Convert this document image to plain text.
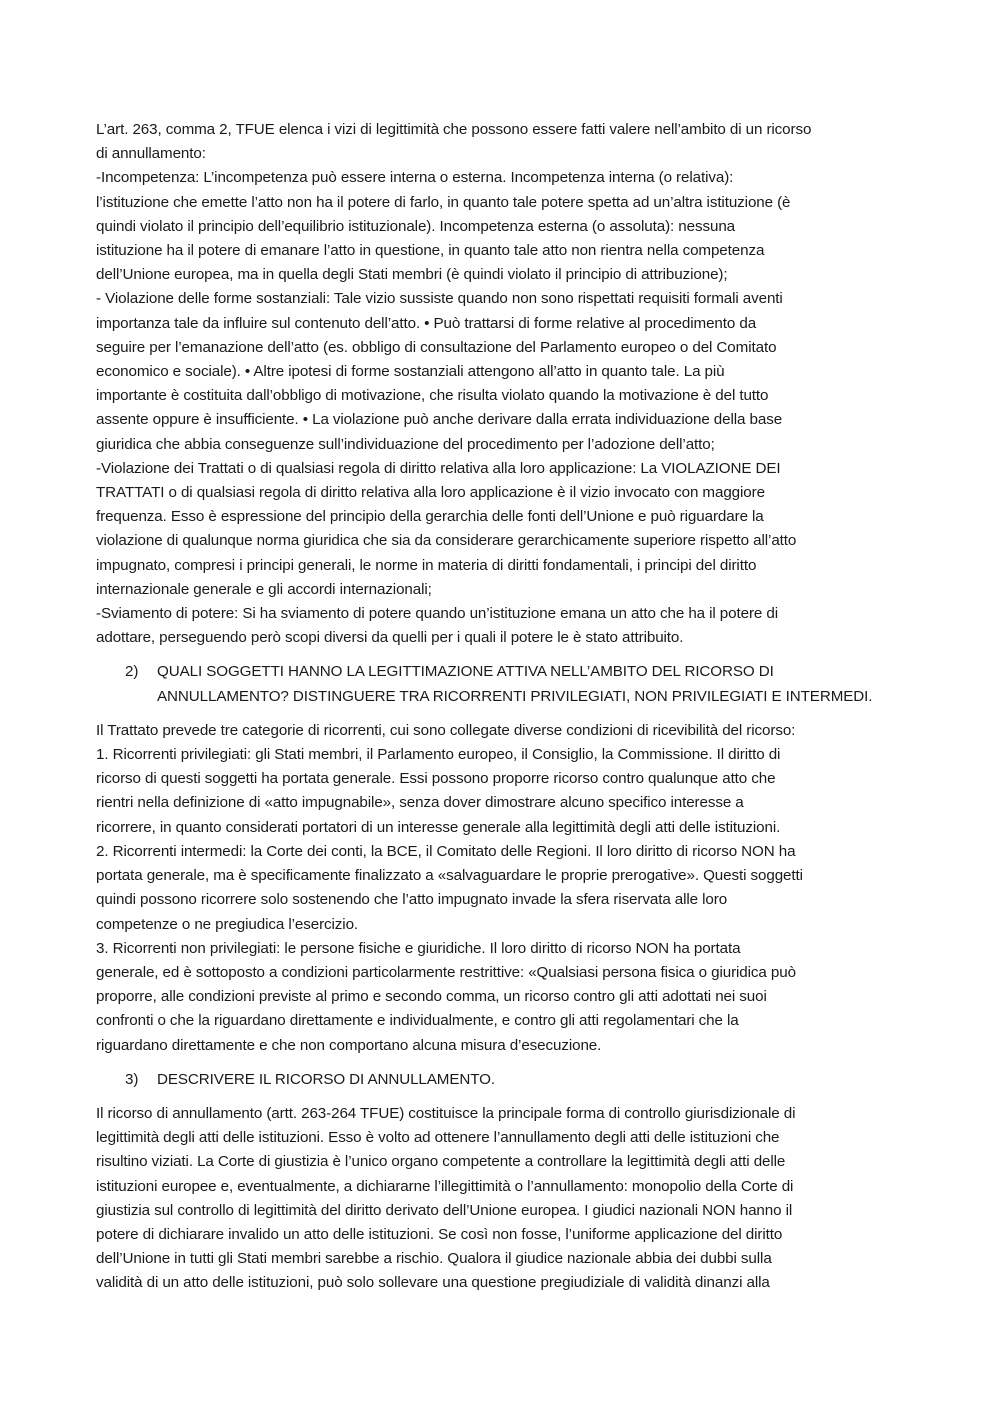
L’art. 263, comma 2, TFUE elenca i vizi di legittimità che possono essere fatti valere nell’ambito di un ricorso
di annullamento:
-Incompetenza: L’incompetenza può essere interna o esterna. Incompetenza interna (o relativa):
l’istituzione che emette l’atto non ha il potere di farlo, in quanto tale potere spetta ad un’altra istituzione (è
quindi violato il principio dell’equilibrio istituzionale). Incompetenza esterna (o assoluta): nessuna
istituzione ha il potere di emanare l’atto in questione, in quanto tale atto non rientra nella competenza
dell’Unione europea, ma in quella degli Stati membri (è quindi violato il principio di attribuzione);
- Violazione delle forme sostanziali: Tale vizio sussiste quando non sono rispettati requisiti formali aventi
importanza tale da influire sul contenuto dell’atto. • Può trattarsi di forme relative al procedimento da
seguire per l’emanazione dell’atto (es. obbligo di consultazione del Parlamento europeo o del Comitato
economico e sociale). • Altre ipotesi di forme sostanziali attengono all’atto in quanto tale. La più
importante è costituita dall’obbligo di motivazione, che risulta violato quando la motivazione è del tutto
assente oppure è insufficiente. • La violazione può anche derivare dalla errata individuazione della base
giuridica che abbia conseguenze sull’individuazione del procedimento per l’adozione dell’atto;
-Violazione dei Trattati o di qualsiasi regola di diritto relativa alla loro applicazione: La VIOLAZIONE DEI
TRATTATI o di qualsiasi regola di diritto relativa alla loro applicazione è il vizio invocato con maggiore
frequenza. Esso è espressione del principio della gerarchia delle fonti dell’Unione e può riguardare la
violazione di qualunque norma giuridica che sia da considerare gerarchicamente superiore rispetto all’atto
impugnato, compresi i principi generali, le norme in materia di diritti fondamentali, i principi del diritto
internazionale generale e gli accordi internazionali;
-Sviamento di potere: Si ha sviamento di potere quando un’istituzione emana un atto che ha il potere di
adottare, perseguendo però scopi diversi da quelli per i quali il potere le è stato attribuito.
2) QUALI SOGGETTI HANNO LA LEGITTIMAZIONE ATTIVA NELL’AMBITO DEL RICORSO DI
ANNULLAMENTO? DISTINGUERE TRA RICORRENTI PRIVILEGIATI, NON PRIVILEGIATI E INTERMEDI.
Il Trattato prevede tre categorie di ricorrenti, cui sono collegate diverse condizioni di ricevibilità del ricorso:
1. Ricorrenti privilegiati: gli Stati membri, il Parlamento europeo, il Consiglio, la Commissione. Il diritto di
ricorso di questi soggetti ha portata generale. Essi possono proporre ricorso contro qualunque atto che
rientri nella definizione di «atto impugnabile», senza dover dimostrare alcuno specifico interesse a
ricorrere, in quanto considerati portatori di un interesse generale alla legittimità degli atti delle istituzioni.
2. Ricorrenti intermedi: la Corte dei conti, la BCE, il Comitato delle Regioni. Il loro diritto di ricorso NON ha
portata generale, ma è specificamente finalizzato a «salvaguardare le proprie prerogative». Questi soggetti
quindi possono ricorrere solo sostenendo che l’atto impugnato invade la sfera riservata alle loro
competenze o ne pregiudica l’esercizio.
3. Ricorrenti non privilegiati: le persone fisiche e giuridiche. Il loro diritto di ricorso NON ha portata
generale, ed è sottoposto a condizioni particolarmente restrittive: «Qualsiasi persona fisica o giuridica può
proporre, alle condizioni previste al primo e secondo comma, un ricorso contro gli atti adottati nei suoi
confronti o che la riguardano direttamente e individualmente, e contro gli atti regolamentari che la
riguardano direttamente e che non comportano alcuna misura d’esecuzione.
3) DESCRIVERE IL RICORSO DI ANNULLAMENTO.
Il ricorso di annullamento (artt. 263-264 TFUE) costituisce la principale forma di controllo giurisdizionale di
legittimità degli atti delle istituzioni. Esso è volto ad ottenere l’annullamento degli atti delle istituzioni che
risultino viziati. La Corte di giustizia è l’unico organo competente a controllare la legittimità degli atti delle
istituzioni europee e, eventualmente, a dichiararne l’illegittimità o l’annullamento: monopolio della Corte di
giustizia sul controllo di legittimità del diritto derivato dell’Unione europea. I giudici nazionali NON hanno il
potere di dichiarare invalido un atto delle istituzioni. Se così non fosse, l’uniforme applicazione del diritto
dell’Unione in tutti gli Stati membri sarebbe a rischio. Qualora il giudice nazionale abbia dei dubbi sulla
validità di un atto delle istituzioni, può solo sollevare una questione pregiudiziale di validità dinanzi alla
